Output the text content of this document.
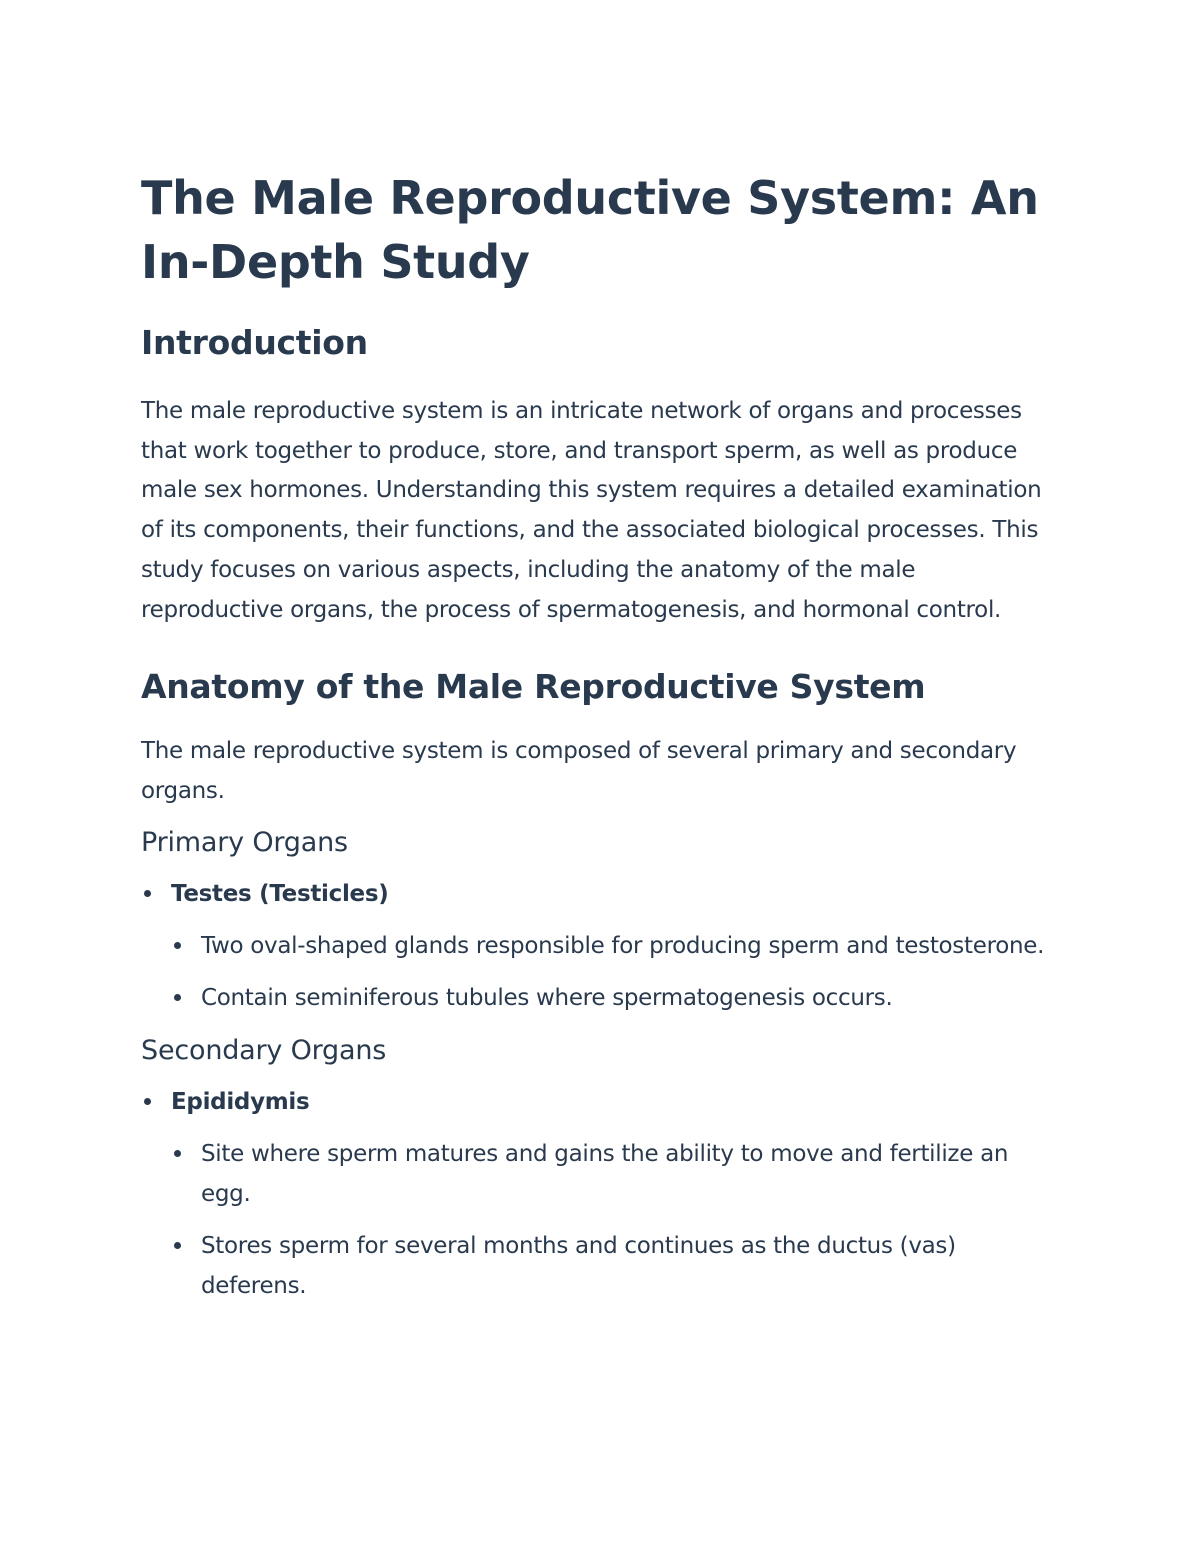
The Male Reproductive System: An In-Depth Study
Introduction

The male reproductive system is an intricate network of organs and processes that work together to produce, store, and transport sperm, as well as produce male sex hormones. Understanding this system requires a detailed examination of its components, their functions, and the associated biological processes. This study focuses on various aspects, including the anatomy of the male reproductive organs, the process of spermatogenesis, and hormonal control.

Anatomy of the Male Reproductive System

The male reproductive system is composed of several primary and secondary organs.

Primary Organs
Testes (Testicles)
Two oval-shaped glands responsible for producing sperm and testosterone.
Contain seminiferous tubules where spermatogenesis occurs.
Secondary Organs
Epididymis
Site where sperm matures and gains the ability to move and fertilize an egg.
Stores sperm for several months and continues as the ductus (vas) deferens.
